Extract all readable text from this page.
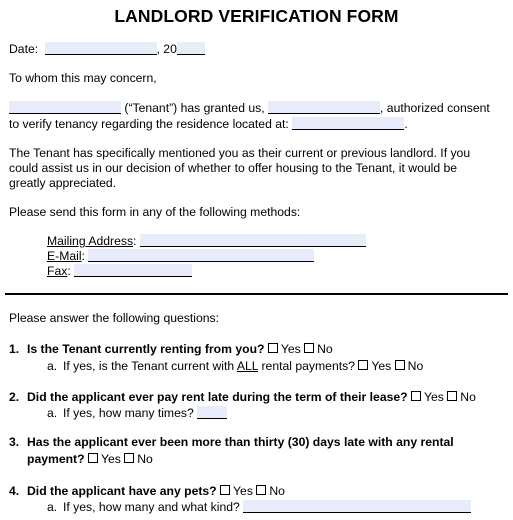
LANDLORD VERIFICATION FORM
Date:	, 20
To whom this may concern,
(“Tenant”) has granted us,	, authorized consent
to verify tenancy regarding the residence located at:	.
The Tenant has specifically mentioned you as their current or previous landlord. If you
could assist us in our decision of whether to offer housing to the Tenant, it would be
greatly appreciated.
Please send this form in any of the following methods:
Mailing Address:
E-Mail:
Fax:
Please answer the following questions:
1. Is the Tenant currently renting from you? Yes No
a. If yes, is the Tenant current with ALL rental payments? Yes No
2. Did the applicant ever pay rent late during the term of their lease? Yes No
a. If yes, how many times?
3. Has the applicant ever been more than thirty (30) days late with any rental
payment? Yes No
4. Did the applicant have any pets? Yes No
a. If yes, how many and what kind?
